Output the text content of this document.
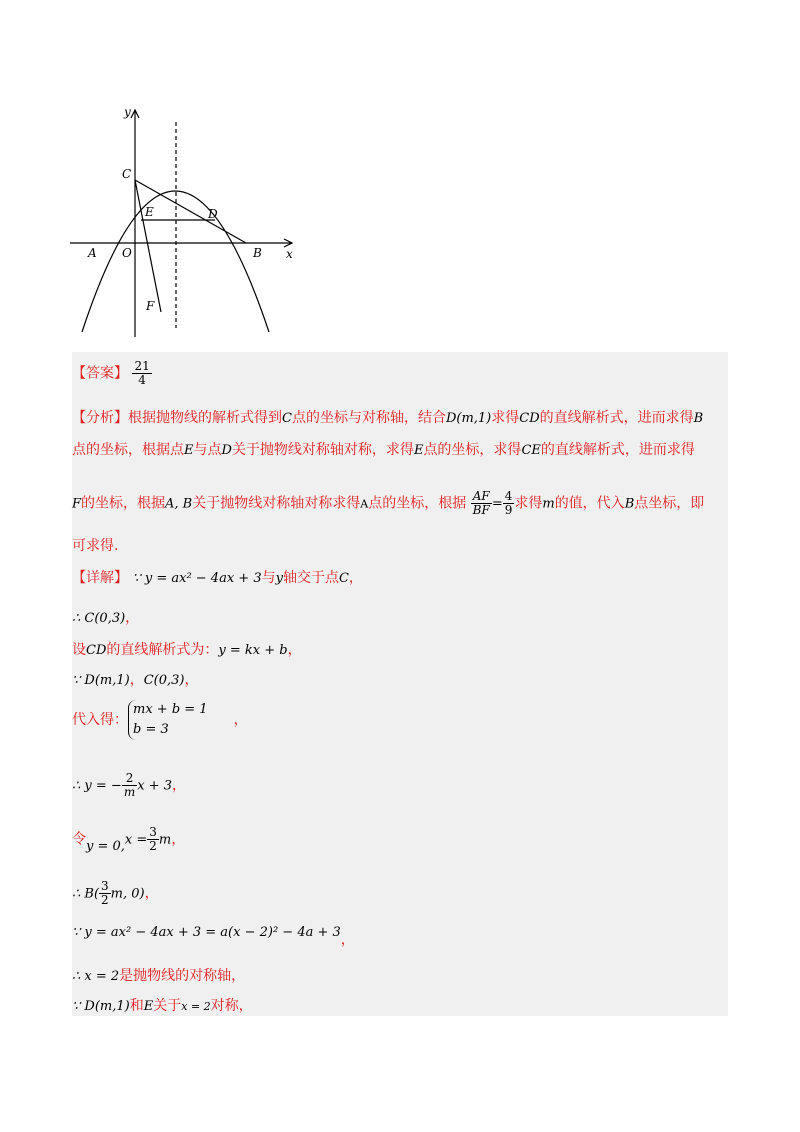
y
x
C
E	D
A O	B
F
【答案】 $\frac{21}{4}$
【分析】根据抛物线的解析式得到C点的坐标与对称轴，结合D(m,1)求得CD的直线解析式，进而求得B
点的坐标，根据点E与点D关于抛物线对称轴对称，求得E点的坐标，求得CE的直线解析式，进而求得
F的坐标，根据A, B关于抛物线对称轴对称求得A点的坐标，根据 $\frac{AF}{BF} = \frac{4}{9}$ 求得m的值，代入B点坐标，即
可求得.
【详解】 ∵ y = ax² − 4ax + 3与y轴交于点C，
∴ C(0,3)，
设CD的直线解析式为：y = kx + b，
∵ D(m,1)，C(0,3)，
代入得：
mx + b = 1
b = 3
，
∴ y = − $\frac{2}{m}$ x + 3，
令$y = 0,x = \frac{3}{2}$ m，
∴ $B( \frac{3}{2} m$, 0)，
∵ y = ax² − 4ax + 3 = a(x − 2)² − 4a + 3，
∴ x = 2是抛物线的对称轴，
∵ D(m,1)和E关于x = 2对称，
